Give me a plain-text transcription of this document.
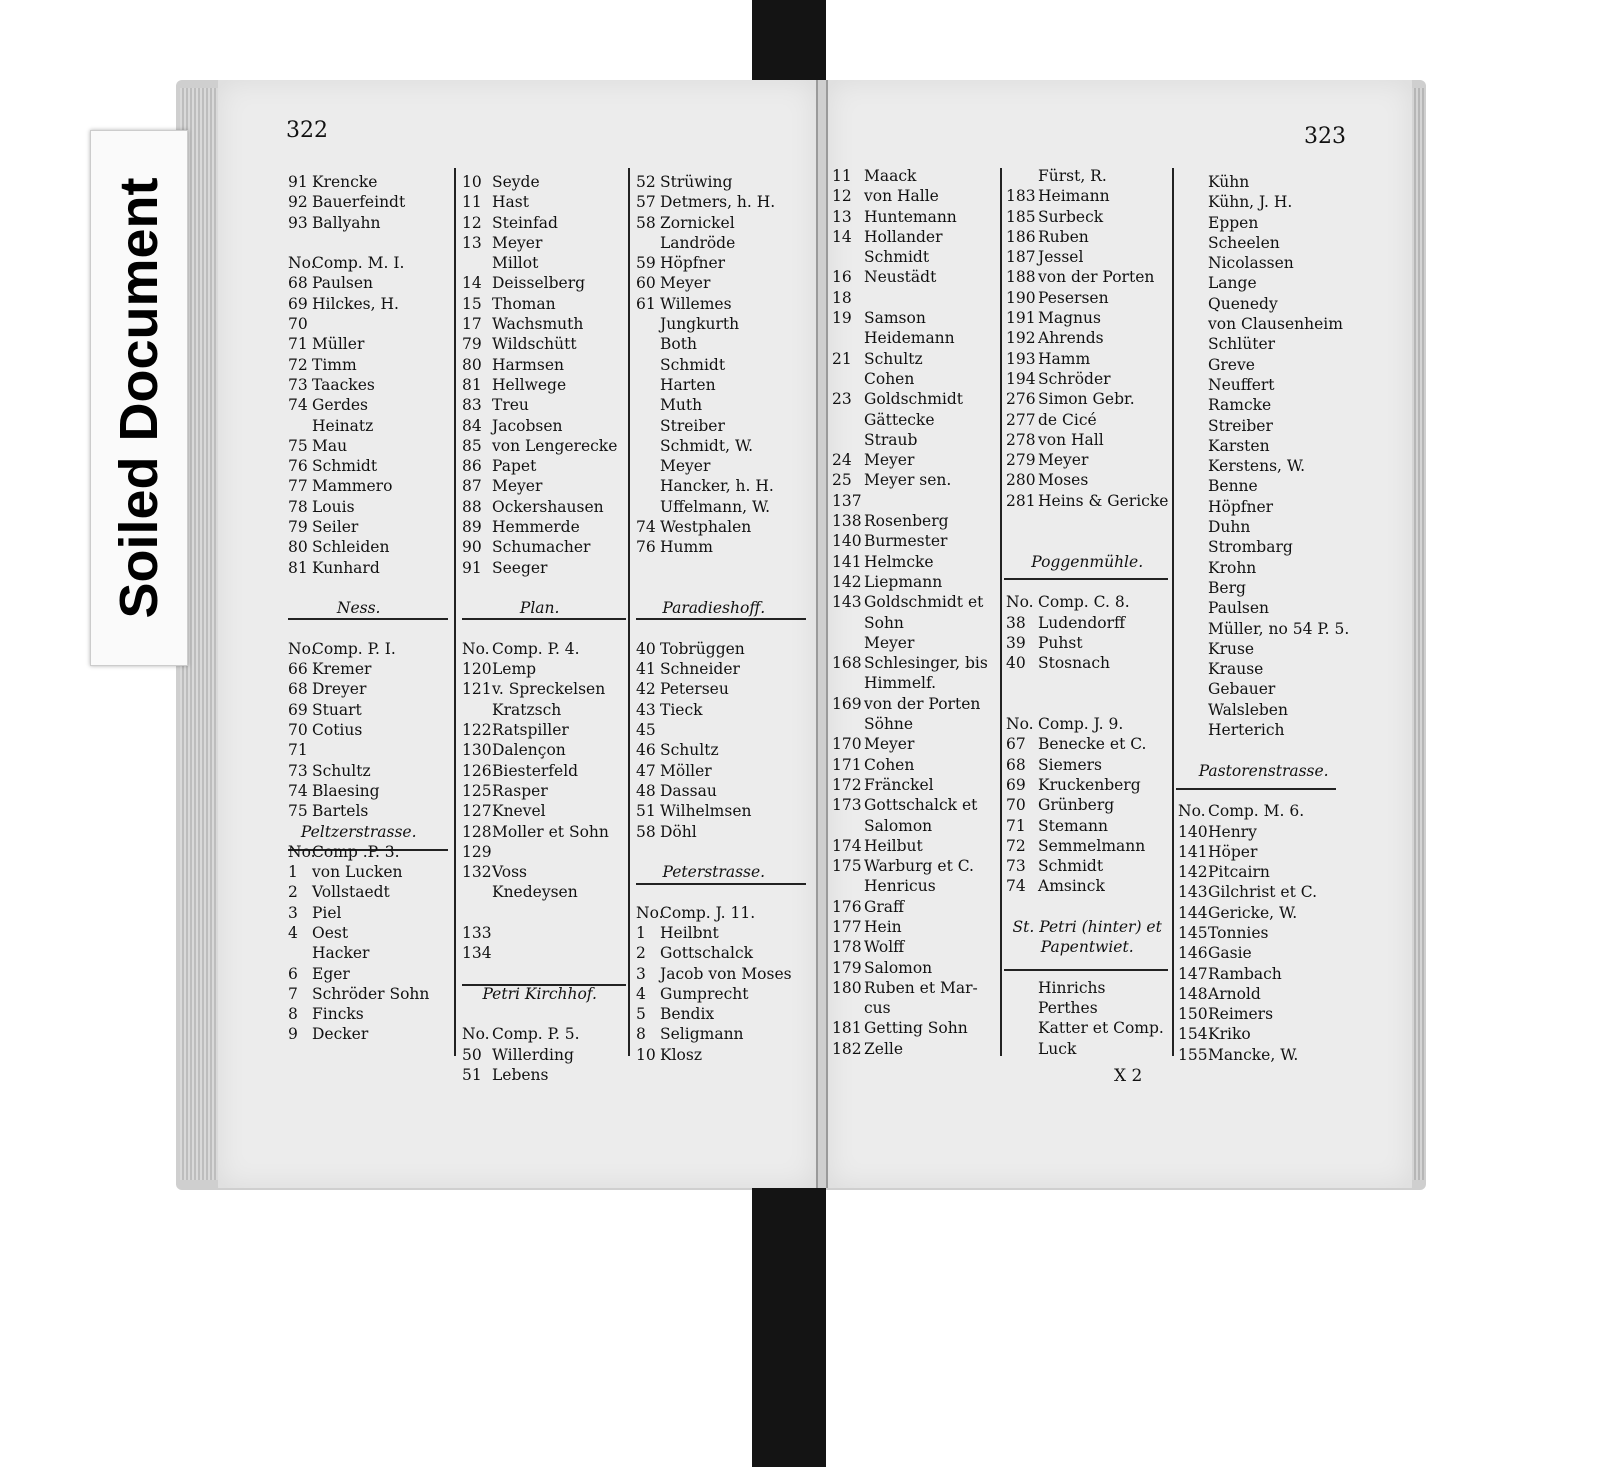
Soiled Document
322	323
91 Krencke
92 Bauerfeindt
93 Ballyahn
No.Comp. M. I.
68 Paulsen
69 Hilckes, H.
70
71 Müller
72 Timm
73 Taackes
74 Gerdes
Heinatz
75 Mau
76 Schmidt
77 Mammero
78 Louis
79 Seiler
80 Schleiden
81 Kunhard
Ness.
No.Comp. P. I.
66 Kremer
68 Dreyer
69 Stuart
70 Cotius
71
73 Schultz
74 Blaesing
75 Bartels
Peltzerstrasse.
No.Comp .P. 3.
1 von Lucken
2 Vollstaedt
3 Piel
4 Oest
Hacker
6 Eger
7 Schröder Sohn
8 Fincks
9 Decker
10 Seyde
11 Hast
12 Steinfad
13 Meyer
Millot
14 Deisselberg
15 Thoman
17 Wachsmuth
79 Wildschütt
80 Harmsen
81 Hellwege
83 Treu
84 Jacobsen
85 von Lengerecke
86 Papet
87 Meyer
88 Ockershausen
89 Hemmerde
90 Schumacher
91 Seeger
Plan.
No. Comp. P. 4.
120Lemp
121v. Spreckelsen
Kratzsch
122Ratspiller
130Dalençon
126Biesterfeld
125Rasper
127Knevel
128Moller et Sohn
129
132Voss
Knedeysen
133
134
Petri Kirchhof.
No. Comp. P. 5.
50 Willerding
51 Lebens
52 Strüwing
57 Detmers, h. H.
58 Zornickel
Landröde
59 Höpfner
60 Meyer
61 Willemes
Jungkurth
Both
Schmidt
Harten
Muth
Streiber
Schmidt, W.
Meyer
Hancker, h. H.
Uffelmann, W.
74 Westphalen
76 Humm
Paradieshoff.
40 Tobrüggen
41 Schneider
42 Peterseu
43 Tieck
45
46 Schultz
47 Möller
48 Dassau
51 Wilhelmsen
58 Döhl
Peterstrasse.
No.Comp. J. 11.
1 Heilbnt
2 Gottschalck
3 Jacob von Moses
4 Gumprecht
5 Bendix
8 Seligmann
10 Klosz
11 Maack
12 von Halle
13 Huntemann
14 Hollander
Schmidt
16 Neustädt
18
19 Samson
Heidemann
21 Schultz
Cohen
23 Goldschmidt
Gättecke
Straub
24 Meyer
25 Meyer sen.
137
138 Rosenberg
140 Burmester
141 Helmcke
142 Liepmann
143 Goldschmidt et
Sohn
Meyer
168 Schlesinger, bis
Himmelf.
169 von der Porten
Söhne
170 Meyer
171 Cohen
172 Fränckel
173 Gottschalck et
Salomon
174 Heilbut
175 Warburg et C.
Henricus
176 Graff
177 Hein
178 Wolff
179 Salomon
180 Ruben et Mar-
cus
181 Getting Sohn
182 Zelle
Fürst, R.
183 Heimann
185 Surbeck
186 Ruben
187 Jessel
188 von der Porten
190 Pesersen
191 Magnus
192 Ahrends
193 Hamm
194 Schröder
276 Simon Gebr.
277 de Cicé
278 von Hall
279 Meyer
280 Moses
281 Heins & Gericke
Poggenmühle.
No. Comp. C. 8.
38 Ludendorff
39 Puhst
40 Stosnach
No. Comp. J. 9.
67 Benecke et C.
68 Siemers
69 Kruckenberg
70 Grünberg
71 Stemann
72 Semmelmann
73 Schmidt
74 Amsinck
St. Petri (hinter) et
Papentwiet.
Hinrichs
Perthes
Katter et Comp.
Luck
Kühn
Kühn, J. H.
Eppen
Scheelen
Nicolassen
Lange
Quenedy
von Clausenheim
Schlüter
Greve
Neuffert
Ramcke
Streiber
Karsten
Kerstens, W.
Benne
Höpfner
Duhn
Strombarg
Krohn
Berg
Paulsen
Müller, no 54 P. 5.
Kruse
Krause
Gebauer
Walsleben
Herterich
Pastorenstrasse.
No. Comp. M. 6.
140Henry
141Höper
142Pitcairn
143Gilchrist et C.
144Gericke, W.
145Tonnies
146Gasie
147Rambach
148Arnold
150Reimers
154Kriko
155Mancke, W.
X 2
